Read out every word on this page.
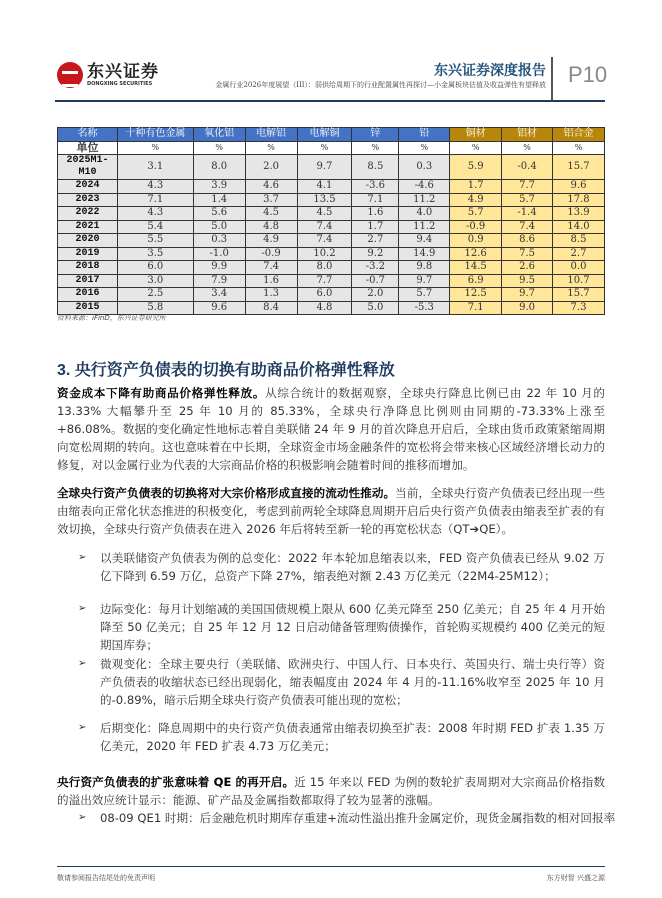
东兴证券
DONGXING SECURITIES
东兴证券深度报告
金属行业2026年度展望（III）：弱供给周期下的行业配置属性再探讨—小金属板块估值及收益弹性有望释放 P10
名称	十种有色金属	氧化铝	电解铝	电解铜	锌	铅	铜材	铝材	铝合金
单位	%	%	%	%	%	%	%	%	%
2025M1-M10	3.1	8.0	2.0	9.7	8.5	0.3	5.9	-0.4	15.7
2024	4.3	3.9	4.6	4.1	-3.6	-4.6	1.7	7.7	9.6
2023	7.1	1.4	3.7	13.5	7.1	11.2	4.9	5.7	17.8
2022	4.3	5.6	4.5	4.5	1.6	4.0	5.7	-1.4	13.9
2021	5.4	5.0	4.8	7.4	1.7	11.2	-0.9	7.4	14.0
2020	5.5	0.3	4.9	7.4	2.7	9.4	0.9	8.6	8.5
2019	3.5	-1.0	-0.9	10.2	9.2	14.9	12.6	7.5	2.7
2018	6.0	9.9	7.4	8.0	-3.2	9.8	14.5	2.6	0.0
2017	3.0	7.9	1.6	7.7	-0.7	9.7	6.9	9.5	10.7
2016	2.5	3.4	1.3	6.0	2.0	5.7	12.5	9.7	15.7
2015	5.8	9.6	8.4	4.8	5.0	-5.3	7.1	9.0	7.3
资料来源：iFinD，东兴证券研究所
3. 央行资产负债表的切换有助商品价格弹性释放
资金成本下降有助商品价格弹性释放。从综合统计的数据观察，全球央行降息比例已由 22 年 10 月的 13.33% 大幅攀升至 25 年 10 月的 85.33%，全球央行净降息比例则由同期的-73.33%上涨至+86.08%。数据的变化确定性地标志着自美联储 24 年 9 月的首次降息开启后，全球由货币政策紧缩周期向宽松周期的转向。这也意味着在中长期，全球资金市场金融条件的宽松将会带来核心区域经济增长动力的修复，对以金属行业为代表的大宗商品价格的积极影响会随着时间的推移而增加。
全球央行资产负债表的切换将对大宗价格形成直接的流动性推动。当前，全球央行资产负债表已经出现一些由缩表向正常化状态推进的积极变化，考虑到前两轮全球降息周期开启后央行资产负债表由缩表至扩表的有效切换，全球央行资产负债表在进入 2026 年后将转至新一轮的再宽松状态（QT➔QE）。
➢	以美联储资产负债表为例的总变化：2022 年本轮加息缩表以来，FED 资产负债表已经从 9.02 万亿下降到 6.59 万亿，总资产下降 27%，缩表绝对额 2.43 万亿美元（22M4-25M12）；
➢	边际变化：每月计划缩减的美国国债规模上限从 600 亿美元降至 250 亿美元；自 25 年 4 月开始降至 50 亿美元；自 25 年 12 月 12 日启动储备管理购债操作，首轮购买规模约 400 亿美元的短期国库券；
➢	微观变化：全球主要央行（美联储、欧洲央行、中国人行、日本央行、英国央行、瑞士央行等）资产负债表的收缩状态已经出现弱化，缩表幅度由 2024 年 4 月的-11.16%收窄至 2025 年 10 月的-0.89%，暗示后期全球央行资产负债表可能出现的宽松；
➢	后期变化：降息周期中的央行资产负债表通常由缩表切换至扩表：2008 年时期 FED 扩表 1.35 万亿美元，2020 年 FED 扩表 4.73 万亿美元；
央行资产负债表的扩张意味着 QE 的再开启。近 15 年来以 FED 为例的数轮扩表周期对大宗商品价格指数的溢出效应统计显示：能源、矿产品及金属指数都取得了较为显著的涨幅。
➢	08-09 QE1 时期：后金融危机时期库存重建+流动性溢出推升金属定价，现货金属指数的相对回报率
敬请参阅报告结尾处的免责声明	东方财智 兴盛之源
